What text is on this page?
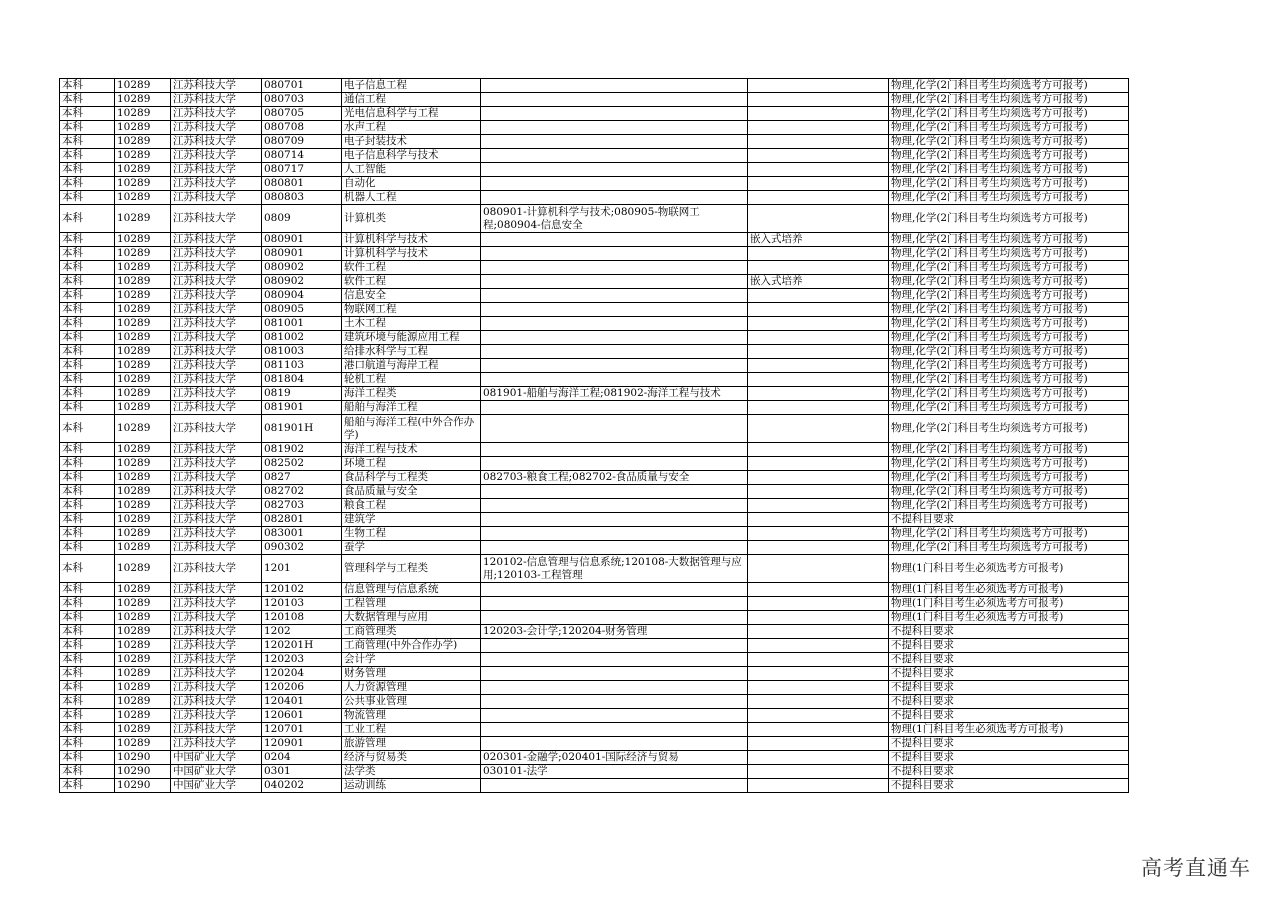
本科	10289	江苏科技大学	080701	电子信息工程			物理,化学(2门科目考生均须选考方可报考)
本科	10289	江苏科技大学	080703	通信工程			物理,化学(2门科目考生均须选考方可报考)
本科	10289	江苏科技大学	080705	光电信息科学与工程			物理,化学(2门科目考生均须选考方可报考)
本科	10289	江苏科技大学	080708	水声工程			物理,化学(2门科目考生均须选考方可报考)
本科	10289	江苏科技大学	080709	电子封装技术			物理,化学(2门科目考生均须选考方可报考)
本科	10289	江苏科技大学	080714	电子信息科学与技术			物理,化学(2门科目考生均须选考方可报考)
本科	10289	江苏科技大学	080717	人工智能			物理,化学(2门科目考生均须选考方可报考)
本科	10289	江苏科技大学	080801	自动化			物理,化学(2门科目考生均须选考方可报考)
本科	10289	江苏科技大学	080803	机器人工程			物理,化学(2门科目考生均须选考方可报考)
本科	10289	江苏科技大学	0809	计算机类	080901-计算机科学与技术;080905-物联网工程;080904-信息安全		物理,化学(2门科目考生均须选考方可报考)
本科	10289	江苏科技大学	080901	计算机科学与技术		嵌入式培养	物理,化学(2门科目考生均须选考方可报考)
本科	10289	江苏科技大学	080901	计算机科学与技术			物理,化学(2门科目考生均须选考方可报考)
本科	10289	江苏科技大学	080902	软件工程			物理,化学(2门科目考生均须选考方可报考)
本科	10289	江苏科技大学	080902	软件工程		嵌入式培养	物理,化学(2门科目考生均须选考方可报考)
本科	10289	江苏科技大学	080904	信息安全			物理,化学(2门科目考生均须选考方可报考)
本科	10289	江苏科技大学	080905	物联网工程			物理,化学(2门科目考生均须选考方可报考)
本科	10289	江苏科技大学	081001	土木工程			物理,化学(2门科目考生均须选考方可报考)
本科	10289	江苏科技大学	081002	建筑环境与能源应用工程			物理,化学(2门科目考生均须选考方可报考)
本科	10289	江苏科技大学	081003	给排水科学与工程			物理,化学(2门科目考生均须选考方可报考)
本科	10289	江苏科技大学	081103	港口航道与海岸工程			物理,化学(2门科目考生均须选考方可报考)
本科	10289	江苏科技大学	081804	轮机工程			物理,化学(2门科目考生均须选考方可报考)
本科	10289	江苏科技大学	0819	海洋工程类	081901-船舶与海洋工程;081902-海洋工程与技术		物理,化学(2门科目考生均须选考方可报考)
本科	10289	江苏科技大学	081901	船舶与海洋工程			物理,化学(2门科目考生均须选考方可报考)
本科	10289	江苏科技大学	081901H	船舶与海洋工程(中外合作办学)			物理,化学(2门科目考生均须选考方可报考)
本科	10289	江苏科技大学	081902	海洋工程与技术			物理,化学(2门科目考生均须选考方可报考)
本科	10289	江苏科技大学	082502	环境工程			物理,化学(2门科目考生均须选考方可报考)
本科	10289	江苏科技大学	0827	食品科学与工程类	082703-粮食工程;082702-食品质量与安全		物理,化学(2门科目考生均须选考方可报考)
本科	10289	江苏科技大学	082702	食品质量与安全			物理,化学(2门科目考生均须选考方可报考)
本科	10289	江苏科技大学	082703	粮食工程			物理,化学(2门科目考生均须选考方可报考)
本科	10289	江苏科技大学	082801	建筑学			不提科目要求
本科	10289	江苏科技大学	083001	生物工程			物理,化学(2门科目考生均须选考方可报考)
本科	10289	江苏科技大学	090302	蚕学			物理,化学(2门科目考生均须选考方可报考)
本科	10289	江苏科技大学	1201	管理科学与工程类	120102-信息管理与信息系统;120108-大数据管理与应用;120103-工程管理		物理(1门科目考生必须选考方可报考)
本科	10289	江苏科技大学	120102	信息管理与信息系统			物理(1门科目考生必须选考方可报考)
本科	10289	江苏科技大学	120103	工程管理			物理(1门科目考生必须选考方可报考)
本科	10289	江苏科技大学	120108	大数据管理与应用			物理(1门科目考生必须选考方可报考)
本科	10289	江苏科技大学	1202	工商管理类	120203-会计学;120204-财务管理		不提科目要求
本科	10289	江苏科技大学	120201H	工商管理(中外合作办学)			不提科目要求
本科	10289	江苏科技大学	120203	会计学			不提科目要求
本科	10289	江苏科技大学	120204	财务管理			不提科目要求
本科	10289	江苏科技大学	120206	人力资源管理			不提科目要求
本科	10289	江苏科技大学	120401	公共事业管理			不提科目要求
本科	10289	江苏科技大学	120601	物流管理			不提科目要求
本科	10289	江苏科技大学	120701	工业工程			物理(1门科目考生必须选考方可报考)
本科	10289	江苏科技大学	120901	旅游管理			不提科目要求
本科	10290	中国矿业大学	0204	经济与贸易类	020301-金融学;020401-国际经济与贸易		不提科目要求
本科	10290	中国矿业大学	0301	法学类	030101-法学		不提科目要求
本科	10290	中国矿业大学	040202	运动训练			不提科目要求
高考直通车
